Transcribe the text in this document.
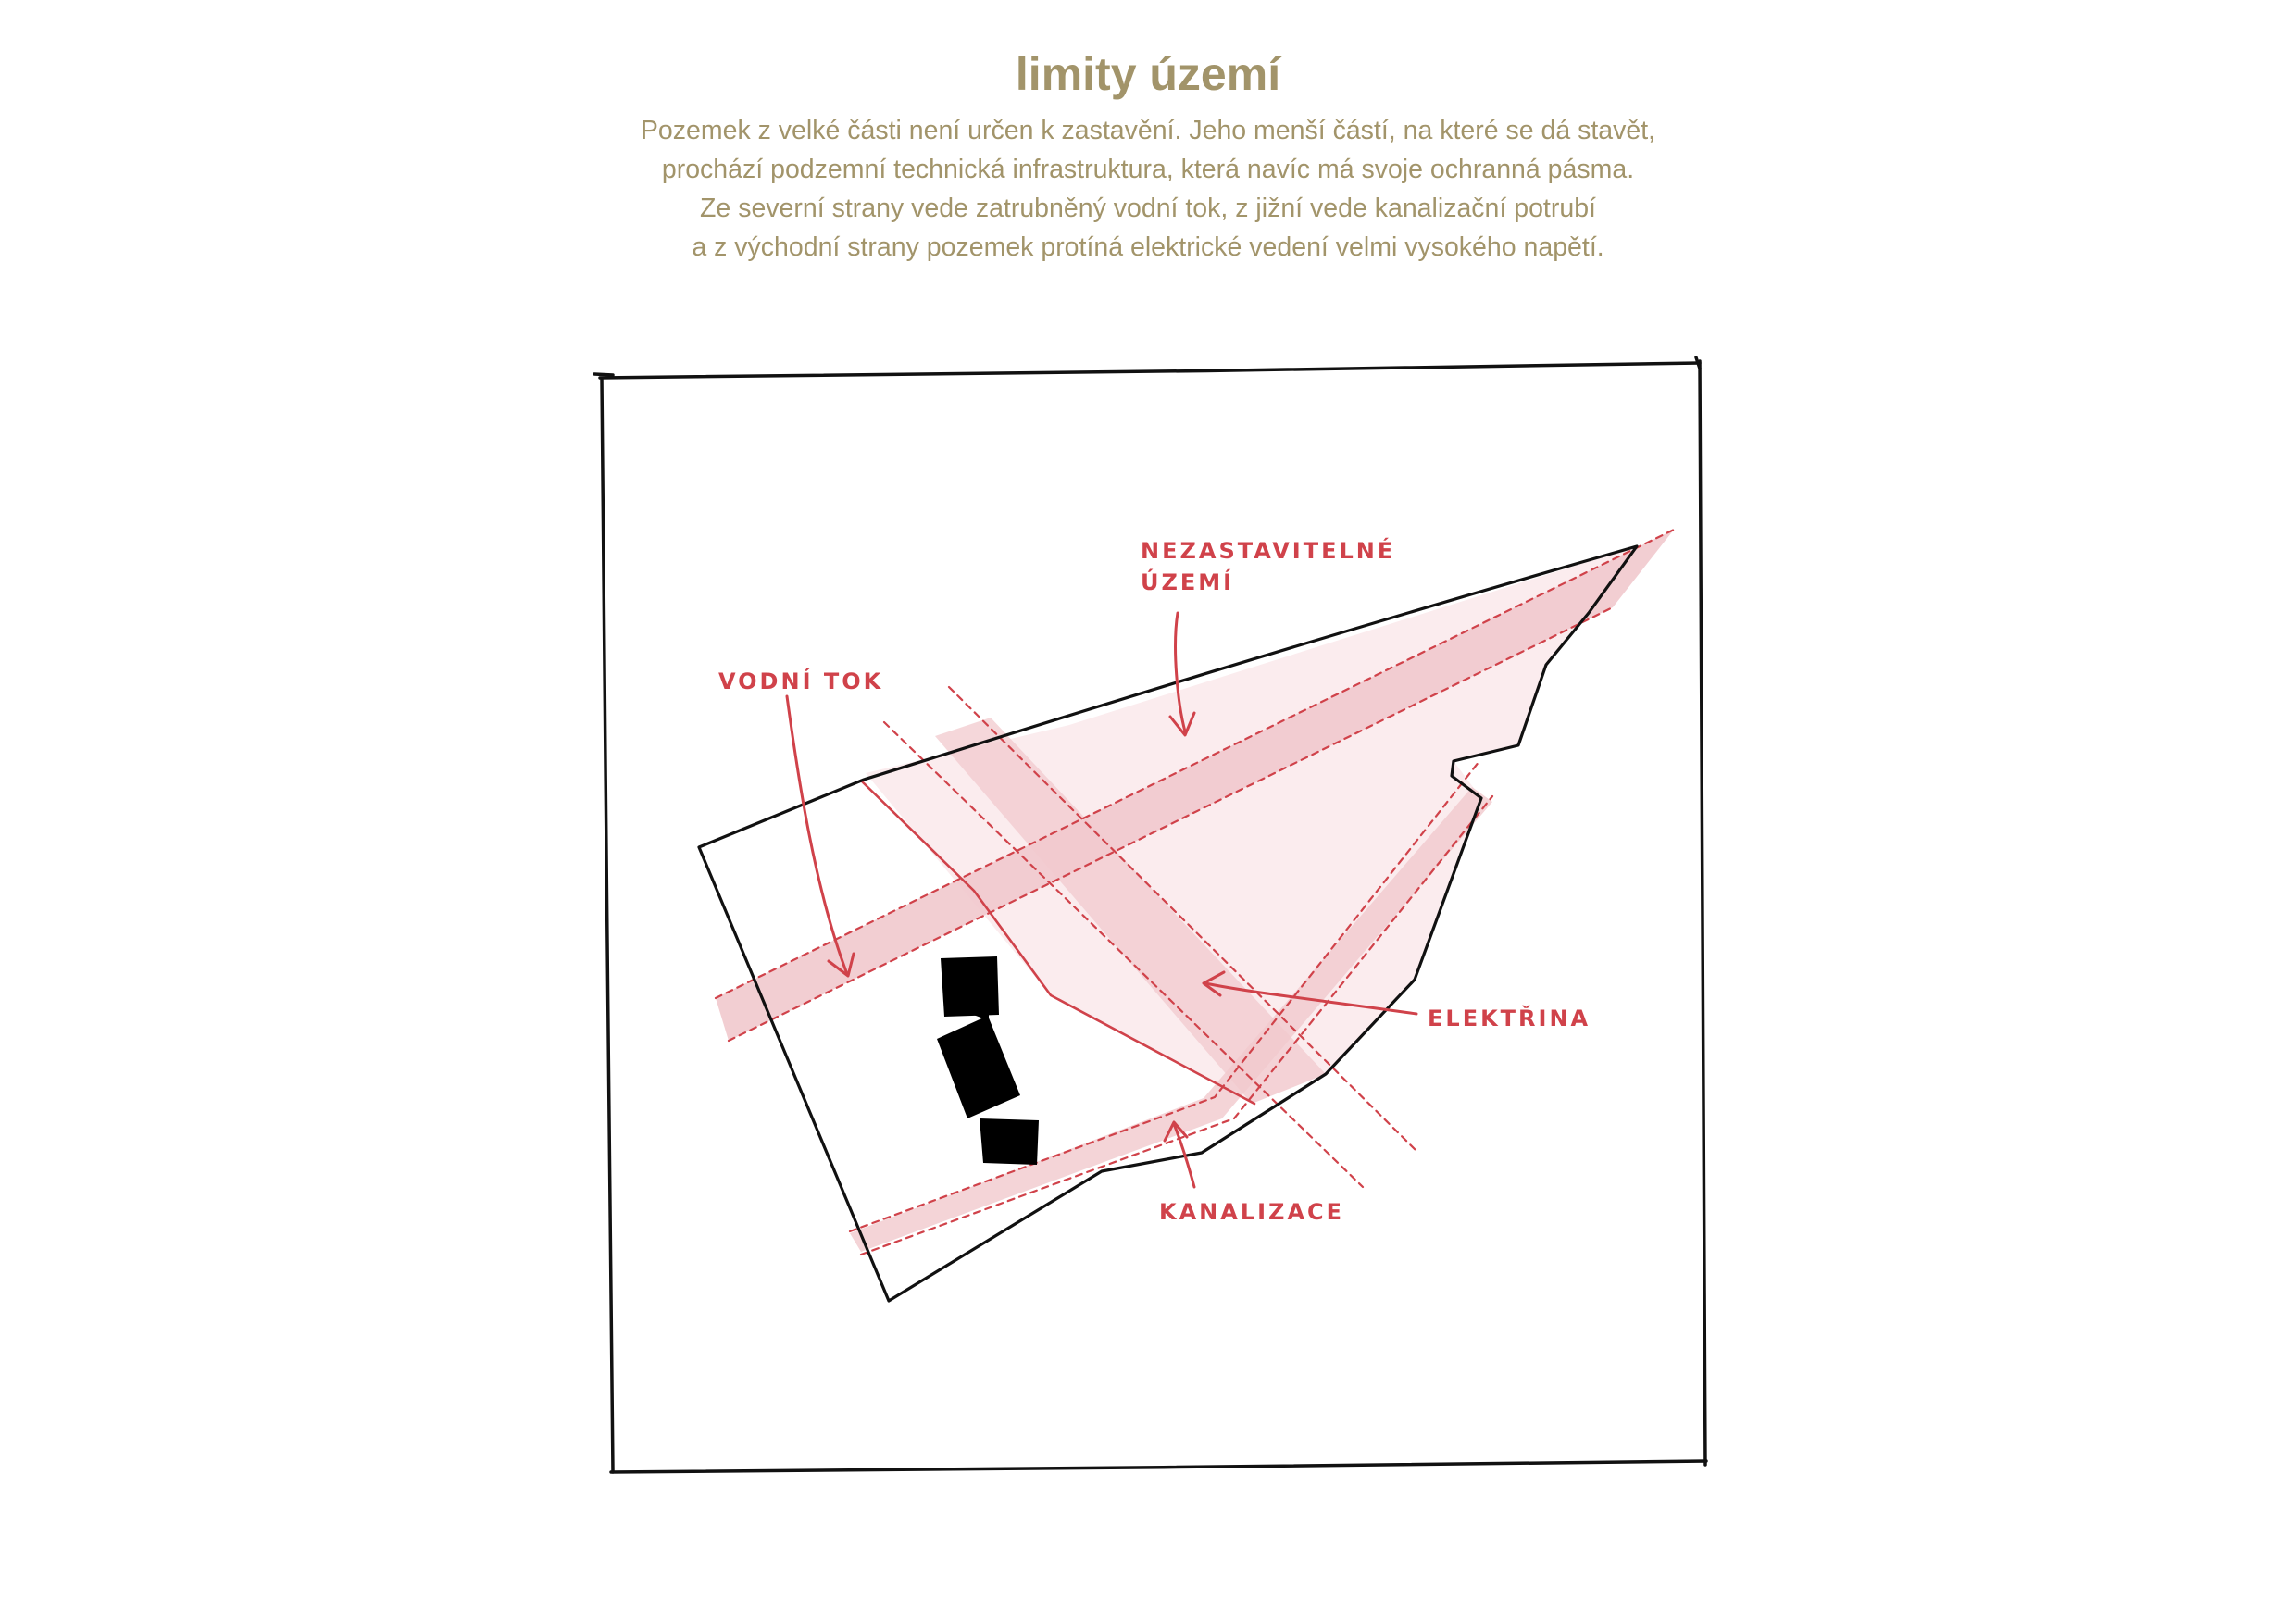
limity území
Pozemek z velké části není určen k zastavění. Jeho menší částí, na které se dá stavět,
prochází podzemní technická infrastruktura, která navíc má svoje ochranná pásma.
Ze severní strany vede zatrubněný vodní tok, z jižní vede kanalizační potrubí
a z východní strany pozemek protíná elektrické vedení velmi vysokého napětí.
NEZASTAVITELNÉ
ÚZEMÍ
VODNÍ TOK
ELEKTŘINA
KANALIZACE
